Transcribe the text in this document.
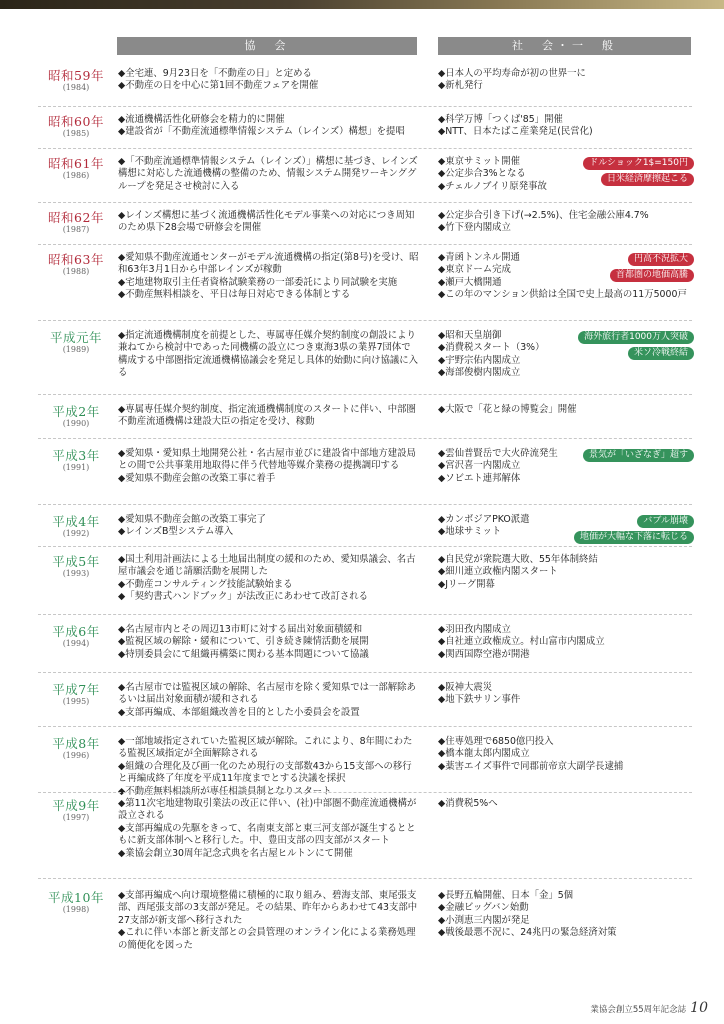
協　会	社　会・一　般
昭和59年
(1984)
◆全宅連、9月23日を「不動産の日」と定める
◆不動産の日を中心に第1回不動産フェアを開催
◆日本人の平均寿命が初の世界一に
◆新札発行
昭和60年
(1985)
◆流通機構活性化研修会を精力的に開催
◆建設省が「不動産流通標準情報システム（レインズ）構想」を提唱
◆科学万博「つくば'85」開催
◆NTT、日本たばこ産業発足(民営化)
昭和61年
(1986)
◆「不動産流通標準情報システム（レインズ）」構想に基づき、レインズ構想に対応した流通機構の整備のため、情報システム開発ワーキンググループを発足させ検討に入る
◆東京サミット開催
◆公定歩合3%となる
◆チェルノブイリ原発事故
ドルショック1$=150円
日米経済摩擦起こる
昭和62年
(1987)
◆レインズ構想に基づく流通機構活性化モデル事業への対応につき周知のため県下28会場で研修会を開催
◆公定歩合引き下げ(→2.5%)、住宅金融公庫4.7%
◆竹下登内閣成立
昭和63年
(1988)
◆愛知県不動産流通センターがモデル流通機構の指定(第8号)を受け、昭和63年3月1日から中部レインズが稼動
◆宅地建物取引主任者資格試験業務の一部委託により同試験を実施
◆不動産無料相談を、平日は毎日対応できる体制とする
◆青函トンネル開通
◆東京ドーム完成
◆瀬戸大橋開通
◆この年のマンション供給は全国で史上最高の11万5000戸
円高不況拡大
首都圏の地価高騰
平成元年
(1989)
◆指定流通機構制度を前提とした、専属専任媒介契約制度の創設により兼ねてから検討中であった同機構の設立につき東海3県の業界7団体で構成する中部圏指定流通機構協議会を発足し具体的始動に向け協議に入る
◆昭和天皇崩御
◆消費税スタート（3%）
◆宇野宗佑内閣成立
◆海部俊樹内閣成立
海外旅行者1000万人突破
米ソ冷戦終結
平成2年
(1990)
◆専属専任媒介契約制度、指定流通機構制度のスタートに伴い、中部圏不動産流通機構は建設大臣の指定を受け、稼動
◆大阪で「花と緑の博覧会」開催
平成3年
(1991)
◆愛知県・愛知県土地開発公社・名古屋市並びに建設省中部地方建設局との間で公共事業用地取得に伴う代替地等媒介業務の提携調印する
◆愛知県不動産会館の改築工事に着手
◆雲仙普賢岳で大火砕流発生
◆宮沢喜一内閣成立
◆ソビエト連邦解体
景気が「いざなぎ」超す
平成4年
(1992)
◆愛知県不動産会館の改築工事完了
◆レインズB型システム導入
◆カンボジアPKO派遣
◆地球サミット
バブル崩壊
地価が大幅な下落に転じる
平成5年
(1993)
◆国土利用計画法による土地届出制度の緩和のため、愛知県議会、名古屋市議会を通じ請願活動を展開した
◆不動産コンサルティング技能試験始まる
◆「契約書式ハンドブック」が法改正にあわせて改訂される
◆自民党が衆院選大敗、55年体制終結
◆細川連立政権内閣スタート
◆Jリーグ開幕
平成6年
(1994)
◆名古屋市内とその周辺13市町に対する届出対象面積緩和
◆監視区域の解除・緩和について、引き続き陳情活動を展開
◆特別委員会にて組織再構築に関わる基本問題について協議
◆羽田孜内閣成立
◆自社連立政権成立。村山富市内閣成立
◆関西国際空港が開港
平成7年
(1995)
◆名古屋市では監視区域の解除、名古屋市を除く愛知県では一部解除あるいは届出対象面積が緩和される
◆支部再編成、本部組織改善を目的とした小委員会を設置
◆阪神大震災
◆地下鉄サリン事件
平成8年
(1996)
◆一部地域指定されていた監視区域が解除。これにより、8年間にわたる監視区域指定が全面解除される
◆組織の合理化及び画一化のため現行の支部数43から15支部への移行と再編成終了年度を平成11年度までとする決議を採択
◆不動産無料相談所が専任相談員制となりスタート
◆住専処理で6850億円投入
◆橋本龍太郎内閣成立
◆薬害エイズ事件で同郡前帝京大副学長逮捕
平成9年
(1997)
◆第11次宅地建物取引業法の改正に伴い、(社)中部圏不動産流通機構が設立される
◆支部再編成の先駆をきって、名南東支部と東三河支部が誕生するとともに新支部体制へと移行した。中、豊田支部の四支部がスタート
◆業協会創立30周年記念式典を名古屋ヒルトンにて開催
◆消費税5%へ
平成10年
(1998)
◆支部再編成へ向け環境整備に積極的に取り組み、碧海支部、東尾張支部、西尾張支部の3支部が発足。その結果、昨年からあわせて43支部中27支部が新支部へ移行された
◆これに伴い本部と新支部との会員管理のオンライン化による業務処理の簡便化を図った
◆長野五輪開催、日本「金」5個
◆金融ビッグバン始動
◆小渕恵三内閣が発足
◆戦後最悪不況に、24兆円の緊急経済対策
業協会創立55周年記念誌 10
